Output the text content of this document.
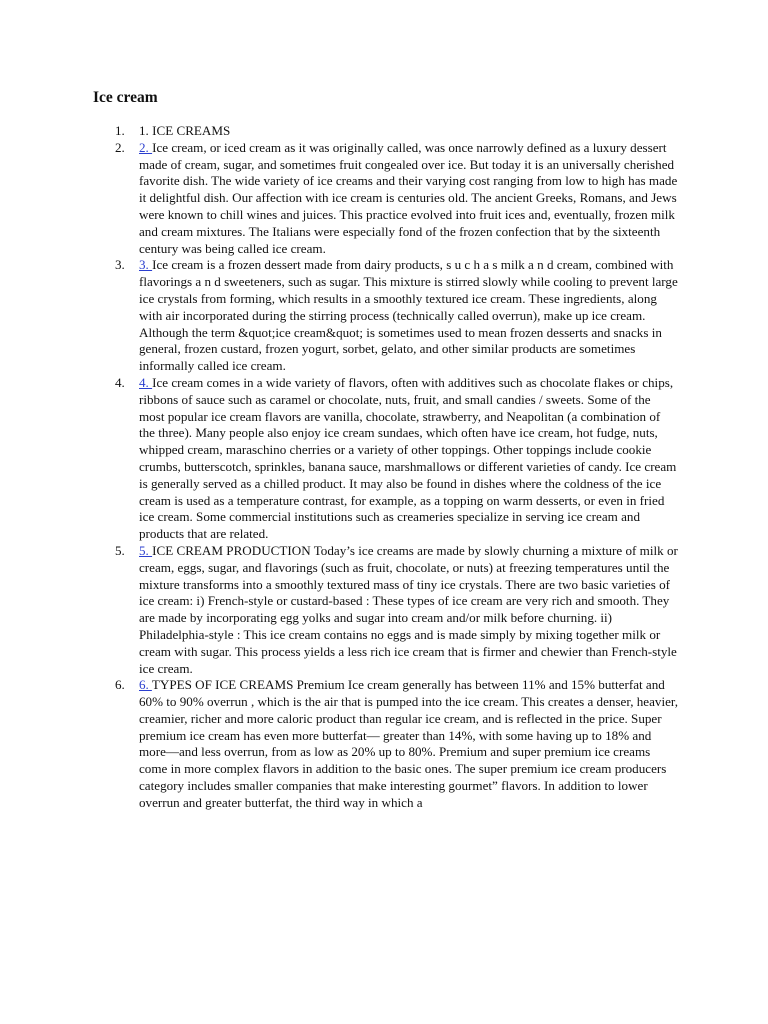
Ice cream
1. 1. ICE CREAMS
2. 2. Ice cream, or iced cream as it was originally called, was once narrowly defined as a luxury dessert made of cream, sugar, and sometimes fruit congealed over ice. But today it is an universally cherished favorite dish. The wide variety of ice creams and their varying cost ranging from low to high has made it delightful dish. Our affection with ice cream is centuries old. The ancient Greeks, Romans, and Jews were known to chill wines and juices. This practice evolved into fruit ices and, eventually, frozen milk and cream mixtures. The Italians were especially fond of the frozen confection that by the sixteenth century was being called ice cream.
3. 3. Ice cream is a frozen dessert made from dairy products, s u c h a s milk a n d cream, combined with flavorings a n d sweeteners, such as sugar. This mixture is stirred slowly while cooling to prevent large ice crystals from forming, which results in a smoothly textured ice cream. These ingredients, along with air incorporated during the stirring process (technically called overrun), make up ice cream. Although the term &quot;ice cream&quot; is sometimes used to mean frozen desserts and snacks in general, frozen custard, frozen yogurt, sorbet, gelato, and other similar products are sometimes informally called ice cream.
4. 4. Ice cream comes in a wide variety of flavors, often with additives such as chocolate flakes or chips, ribbons of sauce such as caramel or chocolate, nuts, fruit, and small candies / sweets. Some of the most popular ice cream flavors are vanilla, chocolate, strawberry, and Neapolitan (a combination of the three). Many people also enjoy ice cream sundaes, which often have ice cream, hot fudge, nuts, whipped cream, maraschino cherries or a variety of other toppings. Other toppings include cookie crumbs, butterscotch, sprinkles, banana sauce, marshmallows or different varieties of candy. Ice cream is generally served as a chilled product. It may also be found in dishes where the coldness of the ice cream is used as a temperature contrast, for example, as a topping on warm desserts, or even in fried ice cream. Some commercial institutions such as creameries specialize in serving ice cream and products that are related.
5. 5. ICE CREAM PRODUCTION Today’s ice creams are made by slowly churning a mixture of milk or cream, eggs, sugar, and flavorings (such as fruit, chocolate, or nuts) at freezing temperatures until the mixture transforms into a smoothly textured mass of tiny ice crystals. There are two basic varieties of ice cream: i) French-style or custard-based : These types of ice cream are very rich and smooth. They are made by incorporating egg yolks and sugar into cream and/or milk before churning. ii) Philadelphia-style : This ice cream contains no eggs and is made simply by mixing together milk or cream with sugar. This process yields a less rich ice cream that is firmer and chewier than French-style ice cream.
6. 6. TYPES OF ICE CREAMS Premium Ice cream generally has between 11% and 15% butterfat and 60% to 90% overrun , which is the air that is pumped into the ice cream. This creates a denser, heavier, creamier, richer and more caloric product than regular ice cream, and is reflected in the price. Super premium ice cream has even more butterfat— greater than 14%, with some having up to 18% and more—and less overrun, from as low as 20% up to 80%. Premium and super premium ice creams come in more complex flavors in addition to the basic ones. The super premium ice cream producers category includes smaller companies that make interesting gourmet” flavors. In addition to lower overrun and greater butterfat, the third way in which a
